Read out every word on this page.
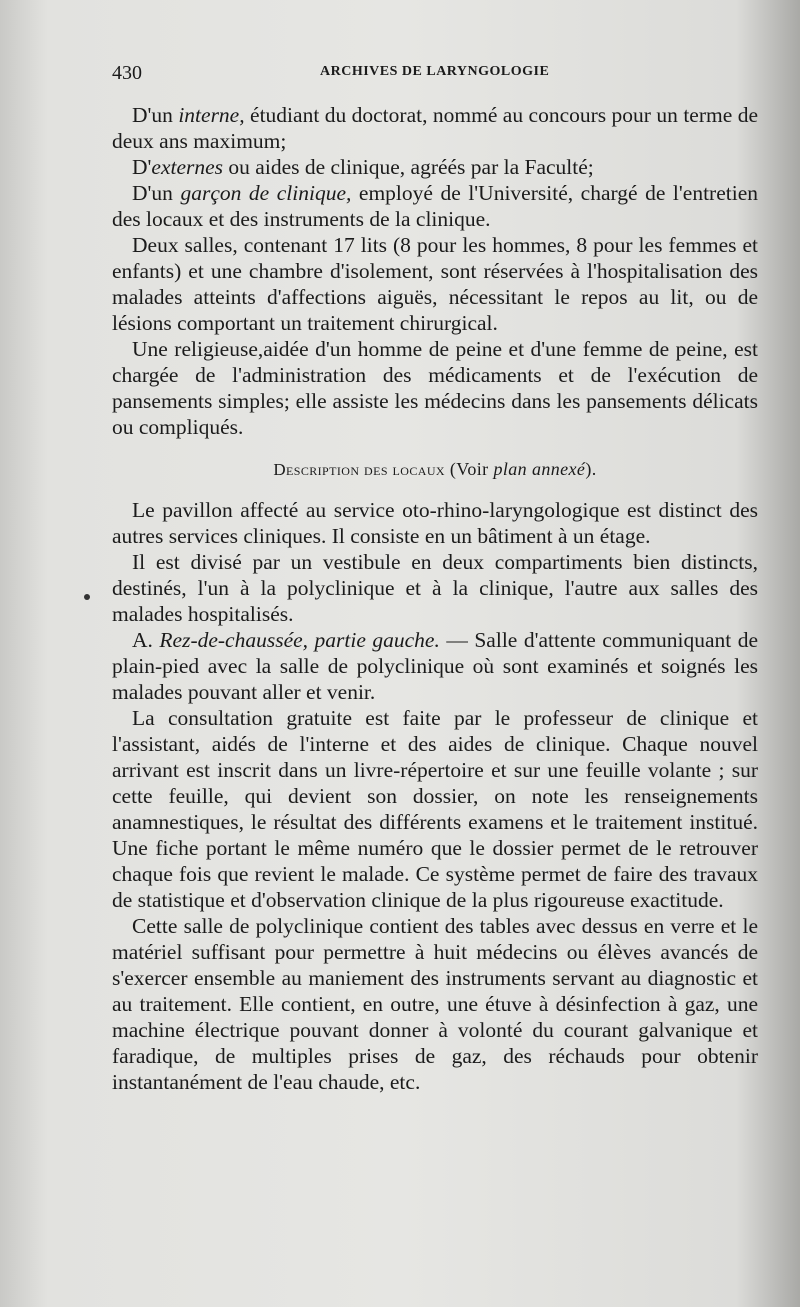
430	ARCHIVES DE LARYNGOLOGIE

D'un interne, étudiant du doctorat, nommé au concours pour un terme de deux ans maximum;

D'externes ou aides de clinique, agréés par la Faculté;

D'un garçon de clinique, employé de l'Université, chargé de l'entretien des locaux et des instruments de la clinique.

Deux salles, contenant 17 lits (8 pour les hommes, 8 pour les femmes et enfants) et une chambre d'isolement, sont réservées à l'hospitalisation des malades atteints d'affections aiguës, nécessitant le repos au lit, ou de lésions comportant un traitement chirurgical.

Une religieuse,aidée d'un homme de peine et d'une femme de peine, est chargée de l'administration des médicaments et de l'exécution de pansements simples; elle assiste les médecins dans les pansements délicats ou compliqués.

Description des locaux (Voir plan annexé).

Le pavillon affecté au service oto-rhino-laryngologique est distinct des autres services cliniques. Il consiste en un bâtiment à un étage.

Il est divisé par un vestibule en deux compartiments bien distincts, destinés, l'un à la polyclinique et à la clinique, l'autre aux salles des malades hospitalisés.

A. Rez-de-chaussée, partie gauche. — Salle d'attente communiquant de plain-pied avec la salle de polyclinique où sont examinés et soignés les malades pouvant aller et venir.

La consultation gratuite est faite par le professeur de clinique et l'assistant, aidés de l'interne et des aides de clinique. Chaque nouvel arrivant est inscrit dans un livre-répertoire et sur une feuille volante ; sur cette feuille, qui devient son dossier, on note les renseignements anamnestiques, le résultat des différents examens et le traitement institué. Une fiche portant le même numéro que le dossier permet de le retrouver chaque fois que revient le malade. Ce système permet de faire des travaux de statistique et d'observation clinique de la plus rigoureuse exactitude.

Cette salle de polyclinique contient des tables avec dessus en verre et le matériel suffisant pour permettre à huit médecins ou élèves avancés de s'exercer ensemble au maniement des instruments servant au diagnostic et au traitement. Elle contient, en outre, une étuve à désinfection à gaz, une machine électrique pouvant donner à volonté du courant galvanique et faradique, de multiples prises de gaz, des réchauds pour obtenir instantanément de l'eau chaude, etc.
